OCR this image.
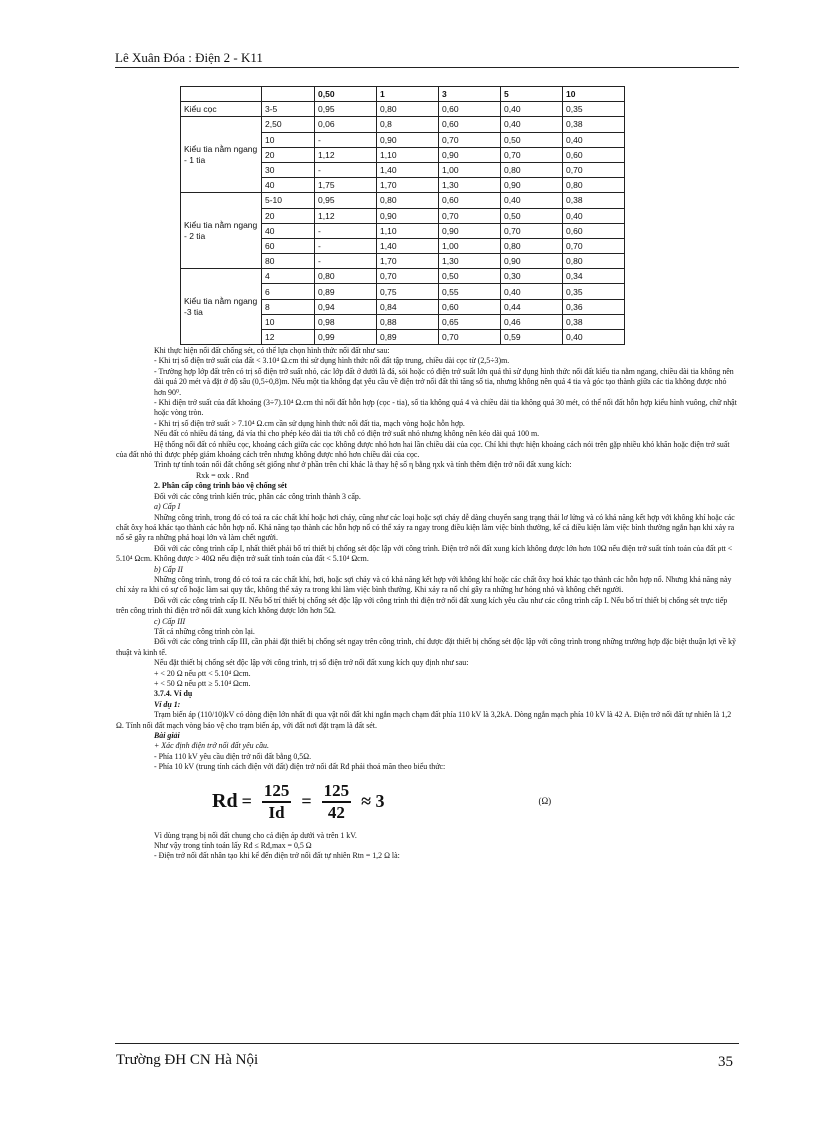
Lê Xuân Đóa : Điện 2 - K11
		0,50	1	3	5	10
Kiểu cọc	3-5	0,95	0,80	0,60	0,40	0,35
Kiểu tia nằm ngang - 1 tia	2,50	0,06	0,8	0,60	0,40	0,38
	10	-	0,90	0,70	0,50	0,40
	20	1,12	1,10	0,90	0,70	0,60
	30	-	1,40	1,00	0,80	0,70
	40	1,75	1,70	1,30	0,90	0,80
Kiểu tia nằm ngang - 2 tia	5-10	0,95	0,80	0,60	0,40	0,38
	20	1,12	0,90	0,70	0,50	0,40
	40	-	1,10	0,90	0,70	0,60
	60	-	1,40	1,00	0,80	0,70
	80	-	1,70	1,30	0,90	0,80
Kiểu tia nằm ngang -3 tia	4	0,80	0,70	0,50	0,30	0,34
	6	0,89	0,75	0,55	0,40	0,35
	8	0,94	0,84	0,60	0,44	0,36
	10	0,98	0,88	0,65	0,46	0,38
	12	0,99	0,89	0,70	0,59	0,40

Khi thực hiện nối đất chống sét, có thể lựa chọn hình thức nối đất như sau:

- Khi trị số điện trở suất của đất < 3.10⁴ Ω.cm thì sử dụng hình thức nối đất tập trung, chiều dài cọc từ (2,5÷3)m.

- Trường hợp lớp đất trên có trị số điện trở suất nhỏ, các lớp đất ở dưới là đá, sỏi hoặc có điện trở suất lớn quá thì sử dụng hình thức nối đất kiểu tia nằm ngang, chiều dài tia không nên dài quá 20 mét và đặt ở độ sâu (0,5÷0,8)m. Nếu một tia không đạt yêu cầu về điện trở nối đất thì tăng số tia, nhưng không nên quá 4 tia và góc tạo thành giữa các tia không được nhỏ hơn 90⁰.

- Khi điện trở suất của đất khoảng (3÷7).10⁴ Ω.cm thì nối đất hỗn hợp (cọc - tia), số tia không quá 4 và chiều dài tia không quá 30 mét, có thể nối đất hỗn hợp kiểu hình vuông, chữ nhật hoặc vòng tròn.

- Khi trị số điện trở suất > 7.10⁴ Ω.cm cần sử dụng hình thức nối đất tia, mạch vòng hoặc hỗn hợp.

Nếu đất có nhiều đá tảng, đá vỉa thì cho phép kéo dài tia tới chỗ có điện trở suất nhỏ nhưng không nên kéo dài quá 100 m.

Hệ thống nối đất có nhiều cọc, khoảng cách giữa các cọc không được nhỏ hơn hai lần chiều dài của cọc. Chỉ khi thực hiện khoảng cách nói trên gặp nhiều khó khăn hoặc điện trở suất của đất nhỏ thì được phép giảm khoảng cách trên nhưng không được nhỏ hơn chiều dài của cọc.

Trình tự tính toán nối đất chống sét giống như ở phần trên chỉ khác là thay hệ số η bằng ηxk và tính thêm điện trở nối đất xung kích:

Rxk = αxk . Rnđ

2. Phân cấp công trình bảo vệ chống sét

Đối với các công trình kiến trúc, phân các công trình thành 3 cấp.

a) Cấp I

Những công trình, trong đó có toả ra các chất khí hoặc hơi cháy, cũng như các loại hoặc sợi cháy dễ dàng chuyển sang trạng thái lơ lửng và có khả năng kết hợp với không khí hoặc các chất ôxy hoá khác tạo thành các hỗn hợp nổ. Khả năng tạo thành các hỗn hợp nổ có thể xảy ra ngay trong điều kiện làm việc bình thường, kể cả điều kiện làm việc bình thường ngắn hạn khi xảy ra nổ sẽ gây ra những phá hoại lớn và làm chết người.

Đối với các công trình cấp I, nhất thiết phải bố trí thiết bị chống sét độc lập với công trình. Điện trở nối đất xung kích không được lớn hơn 10Ω nếu điện trở suất tính toán của đất ρtt < 5.10⁴ Ωcm. Không được > 40Ω nếu điện trở suất tính toán của đất < 5.10⁴ Ωcm.

b) Cấp II

Những công trình, trong đó có toả ra các chất khí, hơi, hoặc sợi cháy và có khả năng kết hợp với không khí hoặc các chất ôxy hoá khác tạo thành các hỗn hợp nổ. Nhưng khả năng này chỉ xảy ra khi có sự cố hoặc làm sai quy tắc, không thể xảy ra trong khi làm việc bình thường. Khi xảy ra nổ chỉ gây ra những hư hỏng nhỏ và không chết người.

Đối với các công trình cấp II. Nếu bố trí thiết bị chống sét độc lập với công trình thì điện trở nối đất xung kích yêu cầu như các công trình cấp I. Nếu bố trí thiết bị chống sét trực tiếp trên công trình thì điện trở nối đất xung kích không được lớn hơn 5Ω.

c) Cấp III

Tất cả những công trình còn lại.

Đối với các công trình cấp III, cần phải đặt thiết bị chống sét ngay trên công trình, chỉ được đặt thiết bị chống sét độc lập với công trình trong những trường hợp đặc biệt thuận lợi về kỹ thuật và kinh tế.

Nếu đặt thiết bị chống sét độc lập với công trình, trị số điện trở nối đất xung kích quy định như sau:

+ < 20 Ω nếu ρtt < 5.10⁴ Ωcm.

+ < 50 Ω nếu ρtt ≥ 5.10⁴ Ωcm.

3.7.4. Ví dụ

Ví dụ 1:

Trạm biến áp (110/10)kV có dòng điện lớn nhất đi qua vật nối đất khi ngắn mạch chạm đất phía 110 kV là 3,2kA. Dòng ngắn mạch phía 10 kV là 42 A. Điện trở nối đất tự nhiên là 1,2 Ω. Tính nối đất mạch vòng bảo vệ cho trạm biến áp, với đất nơi đặt trạm là đất sét.

Bài giải

+ Xác định điện trở nối đất yêu cầu.

- Phía 110 kV yêu cầu điện trở nối đất bằng 0,5Ω.

- Phía 10 kV (trung tính cách điện với đất) điện trở nối đất Rđ phải thoả mãn theo biểu thức:

$Rd = \frac{125}{Id} = \frac{125}{42} \approx 3$	(Ω)

Vì dùng trạng bị nối đất chung cho cả điện áp dưới và trên 1 kV.

Như vậy trong tính toán lấy Rđ ≤ Rđ,max = 0,5 Ω

- Điện trở nối đất nhân tạo khi kể đến điện trở nối đất tự nhiên Rtn = 1,2 Ω là:

Trường ĐH CN Hà Nội	35
